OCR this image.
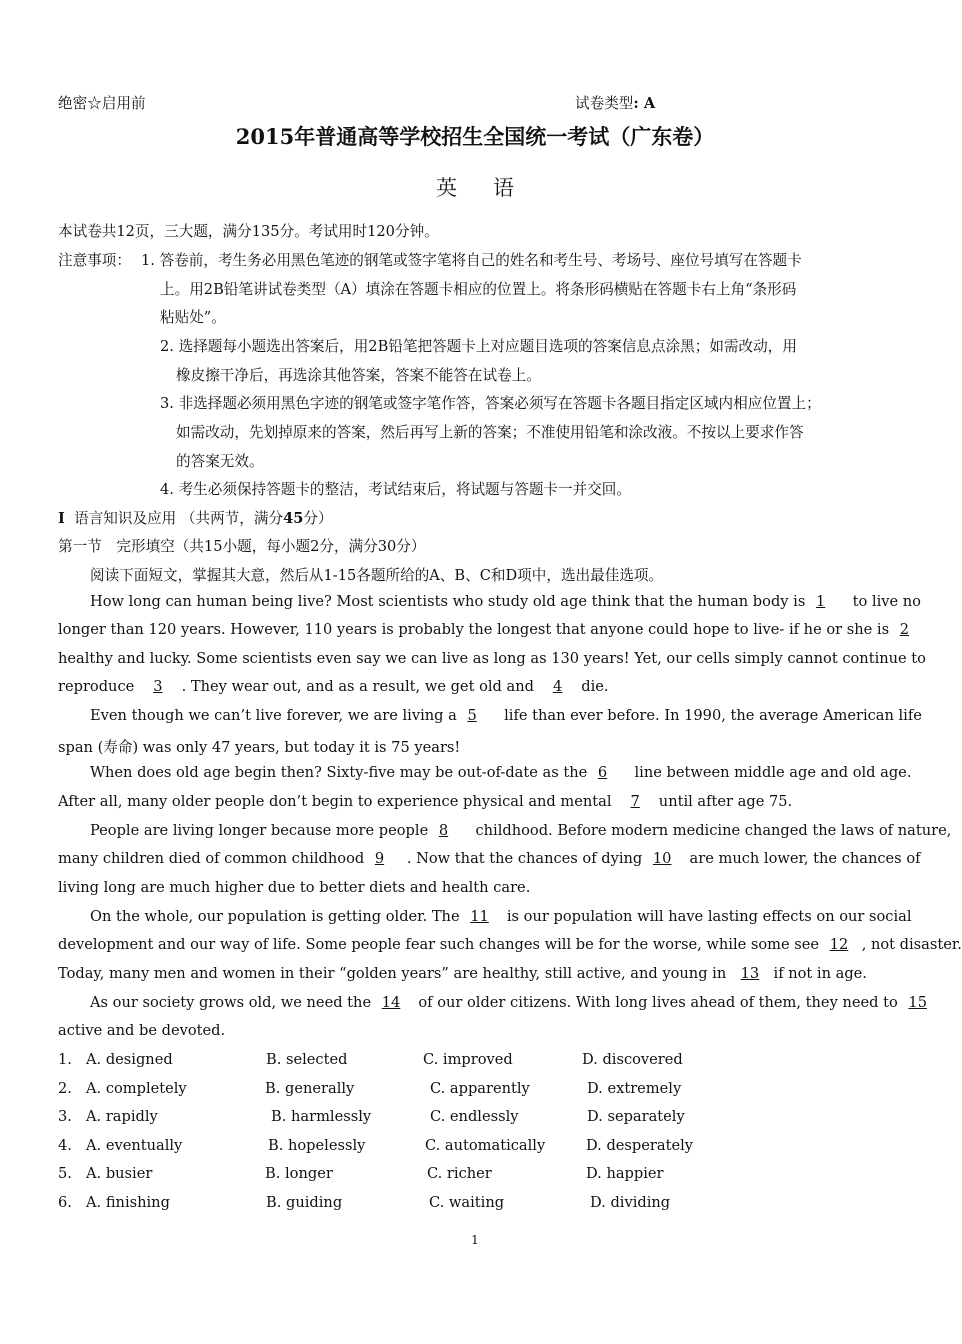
绝密☆启用前	试卷类型: A
2015年普通高等学校招生全国统一考试（广东卷）
英语
本试卷共12页，三大题，满分135分。考试用时120分钟。
注意事项： 1. 答卷前，考生务必用黑色笔迹的钢笔或签字笔将自己的姓名和考生号、考场号、座位号填写在答题卡
上。用2B铅笔讲试卷类型（A）填涂在答题卡相应的位置上。将条形码横贴在答题卡右上角“条形码
粘贴处”。
2. 选择题每小题选出答案后，用2B铅笔把答题卡上对应题目选项的答案信息点涂黑；如需改动，用
橡皮擦干净后，再选涂其他答案，答案不能答在试卷上。
3. 非选择题必须用黑色字迹的钢笔或签字笔作答，答案必须写在答题卡各题目指定区域内相应位置上；
如需改动，先划掉原来的答案，然后再写上新的答案；不准使用铅笔和涂改液。不按以上要求作答
的答案无效。
4. 考生必须保持答题卡的整洁，考试结束后，将试题与答题卡一并交回。
I 语言知识及应用 （共两节，满分45分）
第一节　完形填空（共15小题，每小题2分，满分30分）
阅读下面短文，掌握其大意，然后从1-15各题所给的A、B、C和D项中，选出最佳选项。
How long can human being live? Most scientists who study old age think that the human body is 1 to live no
longer than 120 years. However, 110 years is probably the longest that anyone could hope to live- if he or she is 2
healthy and lucky. Some scientists even say we can live as long as 130 years! Yet, our cells simply cannot continue to
reproduce 3 . They wear out, and as a result, we get old and 4 die.
Even though we can’t live forever, we are living a 5 life than ever before. In 1990, the average American life
span (寿命) was only 47 years, but today it is 75 years!
When does old age begin then? Sixty-five may be out-of-date as the 6 line between middle age and old age.
After all, many older people don’t begin to experience physical and mental 7 until after age 75.
People are living longer because more people 8 childhood. Before modern medicine changed the laws of nature,
many children died of common childhood 9 . Now that the chances of dying 10 are much lower, the chances of
living long are much higher due to better diets and health care.
On the whole, our population is getting older. The 11 is our population will have lasting effects on our social
development and our way of life. Some people fear such changes will be for the worse, while some see 12 , not disaster.
Today, many men and women in their “golden years” are healthy, still active, and young in 13 if not in age.
As our society grows old, we need the 14 of our older citizens. With long lives ahead of them, they need to 15
active and be devoted.
1. A. designed	B. selected	C. improved	D. discovered
2. A. completely	B. generally	C. apparently	D. extremely
3. A. rapidly	B. harmlessly	C. endlessly	D. separately
4. A. eventually	B. hopelessly	C. automatically	D. desperately
5. A. busier	B. longer	C. richer	D. happier
6. A. finishing	B. guiding	C. waiting	D. dividing
1
